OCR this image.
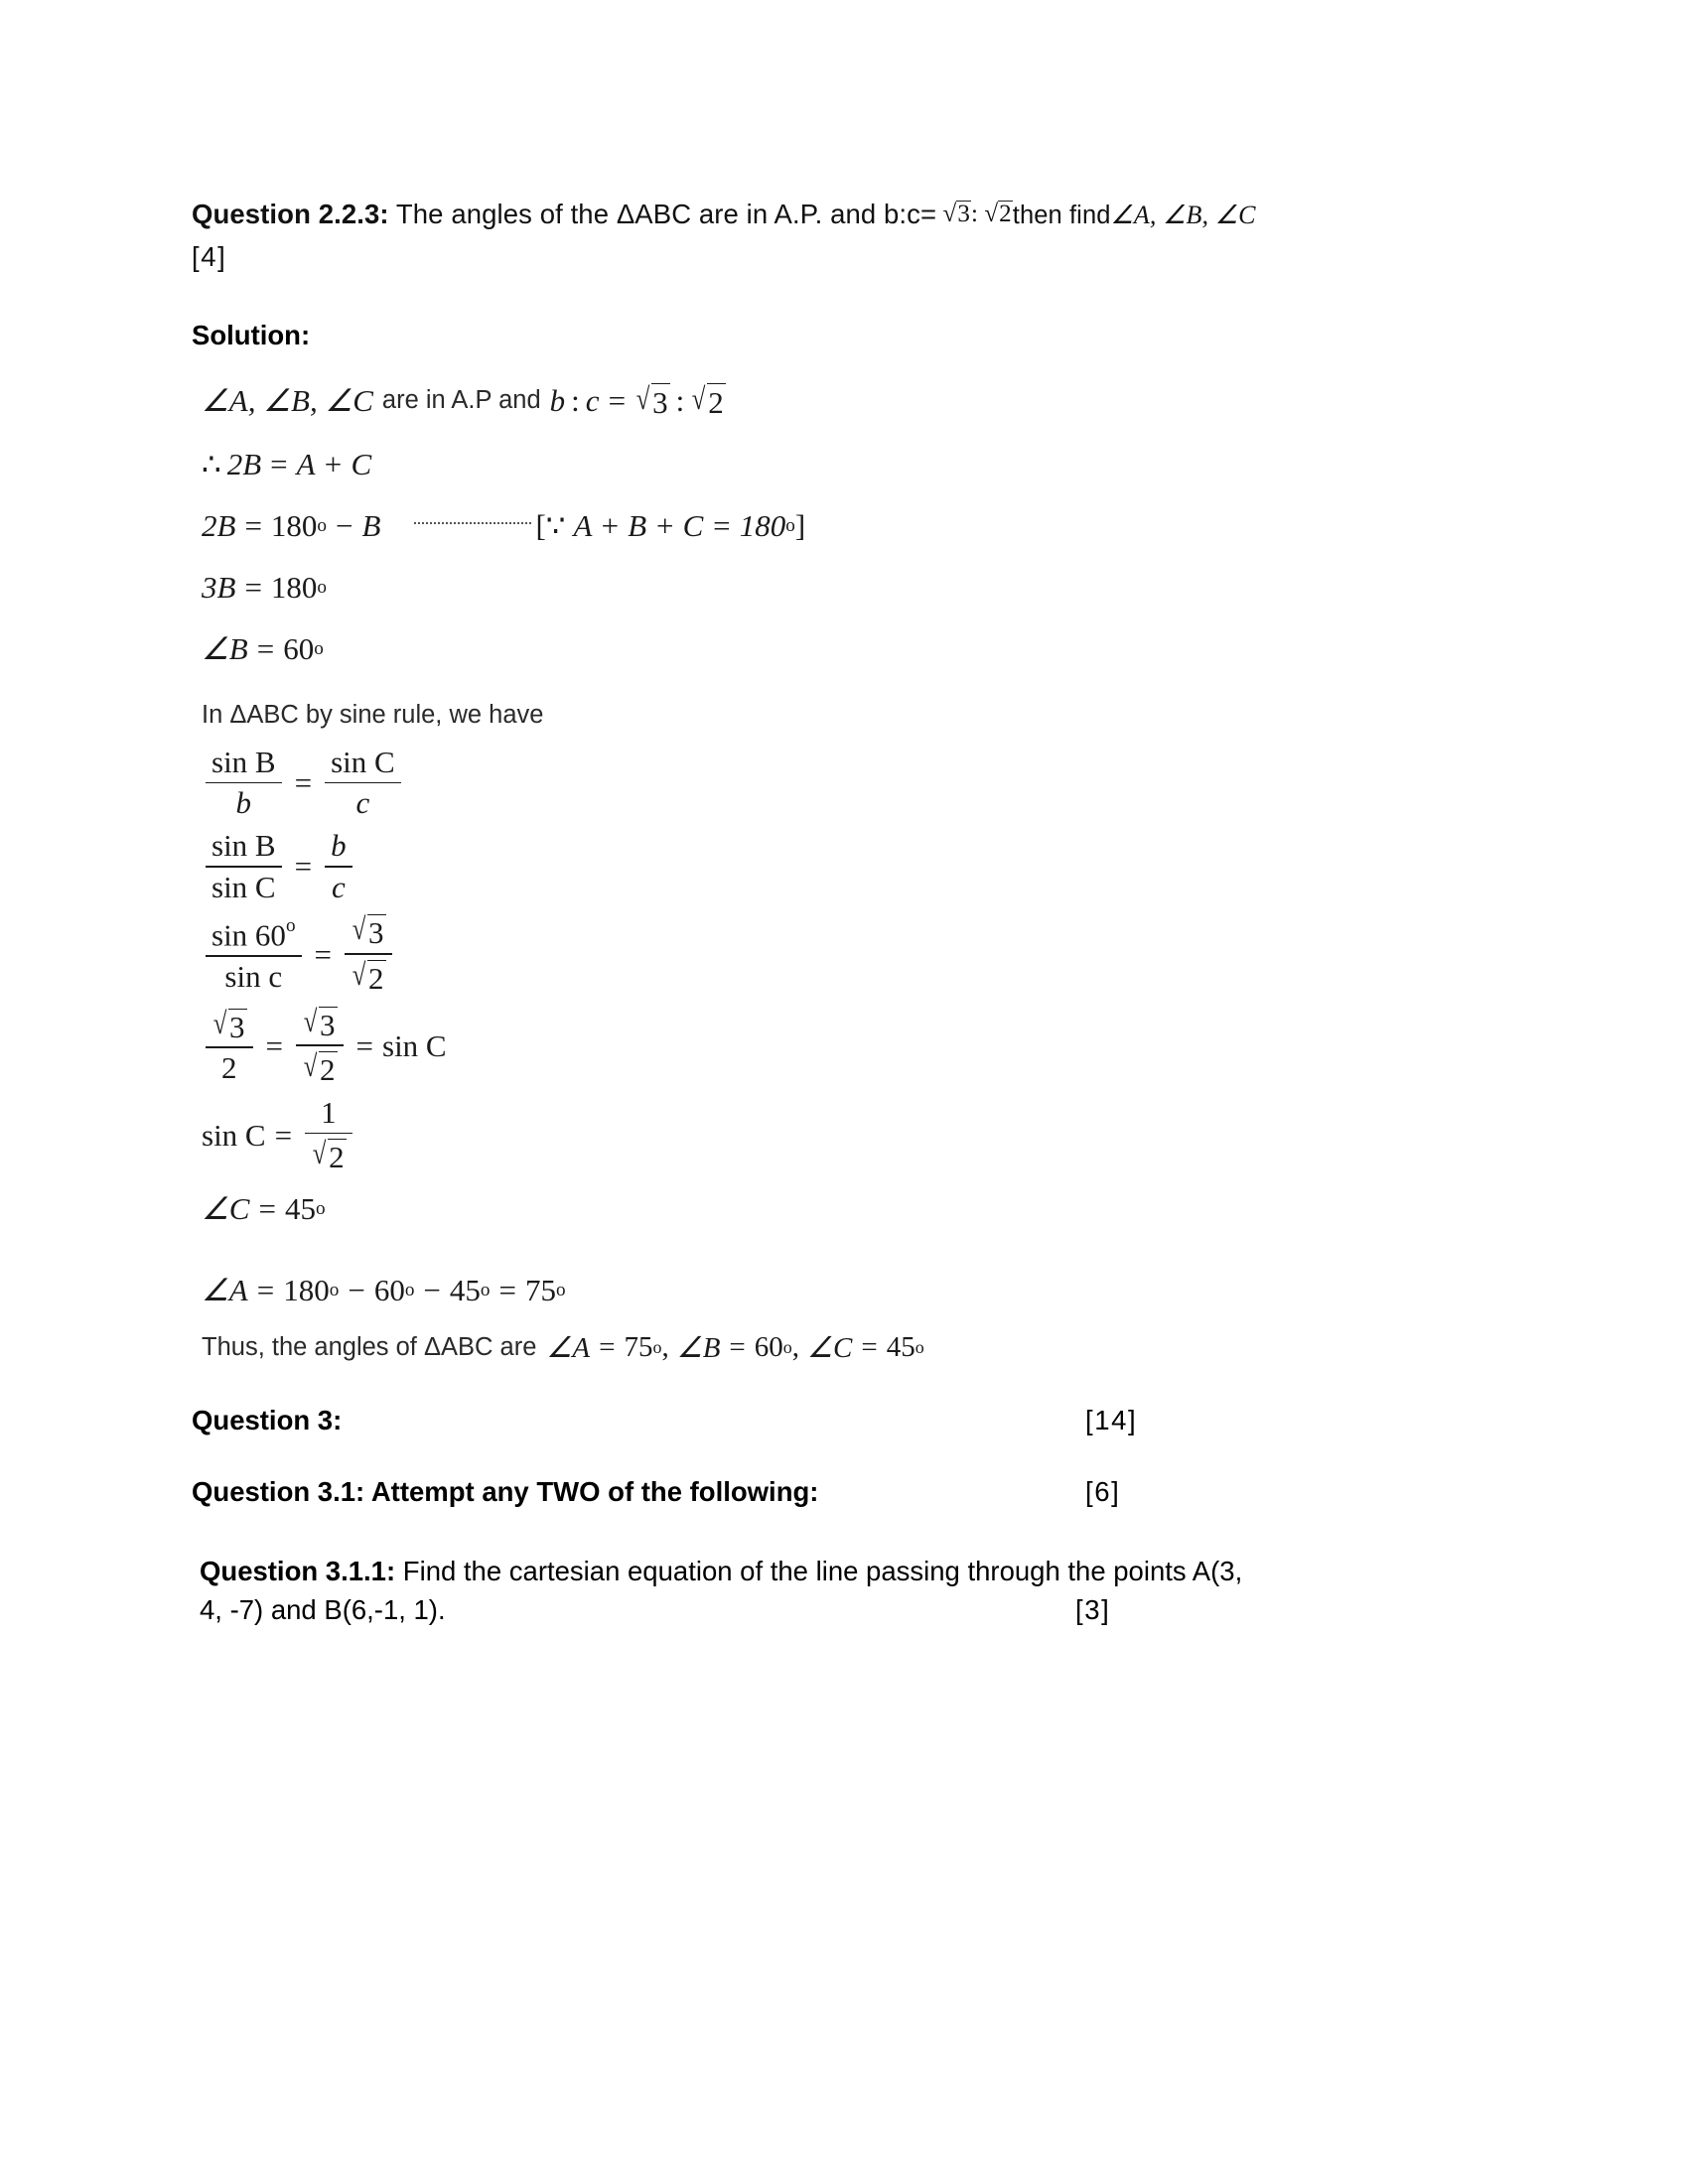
Question 2.2.3: The angles of the ΔABC are in A.P. and b:c= √3: √2then find∠A, ∠B, ∠C
[4]
Solution:
∠A, ∠B, ∠C are in A.P and b : c = √ 3 : √ 2
∴ 2B = A + C
2B = 180 o − B	[∵ A + B + C = 180 o ]
3B = 180 o
∠B = 60 o
In ΔABC by sine rule, we have
$\frac{\text{sin B}}{b} = \frac{\text{sin C}}{c}$
$\frac{\text{sin B}}{\text{sin C}} = \frac{b}{c}$
$\frac{\sin 60^o}{\text{sin c}} = \frac{√ 3}{√ 2}$
$\frac{√ 3}{2} = \frac{√ 3}{√ 2} = \sin C$
$\sin C = \frac{1}{√ 2}$
∠C = 45 o
∠A = 180 o − 60 o − 45 o = 75 o
Thus, the angles of ΔABC are ∠A = 75 o , ∠B = 60 o , ∠C = 45 o
Question 3:	[14]
Question 3.1: Attempt any TWO of the following:	[6]
Question 3.1.1: Find the cartesian equation of the line passing through the points A(3,
4, -7) and B(6,-1, 1).	[3]
